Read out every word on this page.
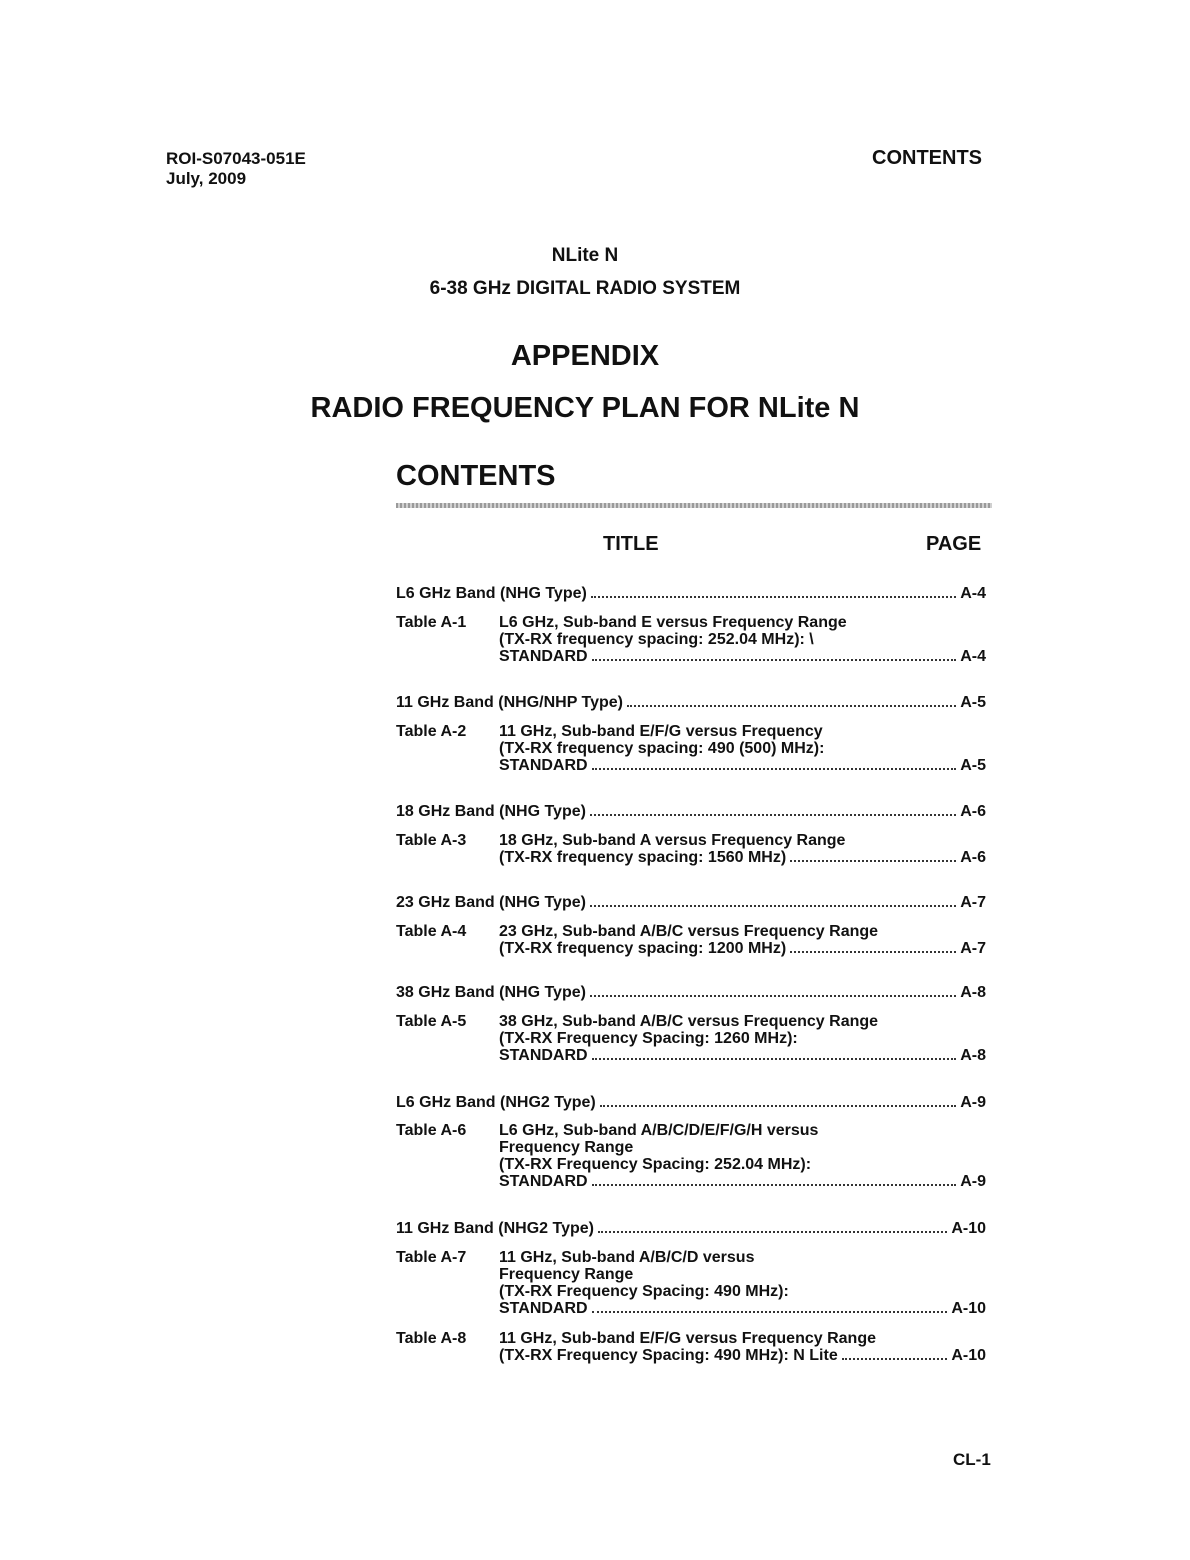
ROI-S07043-051E
July, 2009
CONTENTS
NLite N
6-38 GHz DIGITAL RADIO SYSTEM
APPENDIX
RADIO FREQUENCY PLAN FOR NLite N
CONTENTS
TITLE	PAGE
L6 GHz Band (NHG Type)	A-4
Table A-1	L6 GHz, Sub-band E versus Frequency Range
(TX-RX frequency spacing: 252.04 MHz): \
STANDARD	A-4
11 GHz Band (NHG/NHP Type)	A-5
Table A-2	11 GHz, Sub-band E/F/G versus Frequency
(TX-RX frequency spacing: 490 (500) MHz):
STANDARD	A-5
18 GHz Band (NHG Type)	A-6
Table A-3	18 GHz, Sub-band A versus Frequency Range
(TX-RX frequency spacing: 1560 MHz)	A-6
23 GHz Band (NHG Type)	A-7
Table A-4	23 GHz, Sub-band A/B/C versus Frequency Range
(TX-RX frequency spacing: 1200 MHz)	A-7
38 GHz Band (NHG Type)	A-8
Table A-5	38 GHz, Sub-band A/B/C versus Frequency Range
(TX-RX Frequency Spacing: 1260 MHz):
STANDARD	A-8
L6 GHz Band (NHG2 Type)	A-9
Table A-6	L6 GHz, Sub-band A/B/C/D/E/F/G/H versus
Frequency Range
(TX-RX Frequency Spacing: 252.04 MHz):
STANDARD	A-9
11 GHz Band (NHG2 Type)	A-10
Table A-7	11 GHz, Sub-band A/B/C/D versus
Frequency Range
(TX-RX Frequency Spacing: 490 MHz):
STANDARD	A-10
Table A-8	11 GHz, Sub-band E/F/G versus Frequency Range
(TX-RX Frequency Spacing: 490 MHz): N Lite	A-10
CL-1
